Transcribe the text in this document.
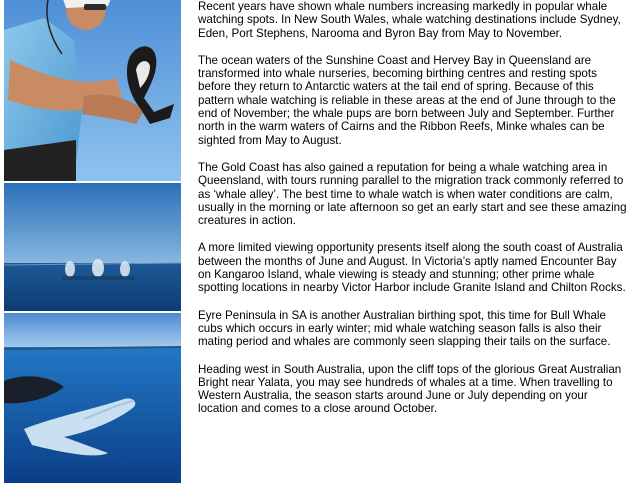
Recent years have shown whale numbers increasing markedly in popular whale watching spots. In New South Wales, whale watching destinations include Sydney, Eden, Port Stephens, Narooma and Byron Bay from May to November.

The ocean waters of the Sunshine Coast and Hervey Bay in Queensland are transformed into whale nurseries, becoming birthing centres and resting spots before they return to Antarctic waters at the tail end of spring. Because of this pattern whale watching is reliable in these areas at the end of June through to the end of November; the whale pups are born between July and September. Further north in the warm waters of Cairns and the Ribbon Reefs, Minke whales can be sighted from May to August.

The Gold Coast has also gained a reputation for being a whale watching area in Queensland, with tours running parallel to the migration track commonly referred to as ‘whale alley’. The best time to whale watch is when water conditions are calm, usually in the morning or late afternoon so get an early start and see these amazing creatures in action.

A more limited viewing opportunity presents itself along the south coast of Australia between the months of June and August. In Victoria’s aptly named Encounter Bay on Kangaroo Island, whale viewing is steady and stunning; other prime whale spotting locations in nearby Victor Harbor include Granite Island and Chilton Rocks.

Eyre Peninsula in SA is another Australian birthing spot, this time for Bull Whale cubs which occurs in early winter; mid whale watching season falls is also their mating period and whales are commonly seen slapping their tails on the surface.

Heading west in South Australia, upon the cliff tops of the glorious Great Australian Bright near Yalata, you may see hundreds of whales at a time. When travelling to Western Australia, the season starts around June or July depending on your location and comes to a close around October.
